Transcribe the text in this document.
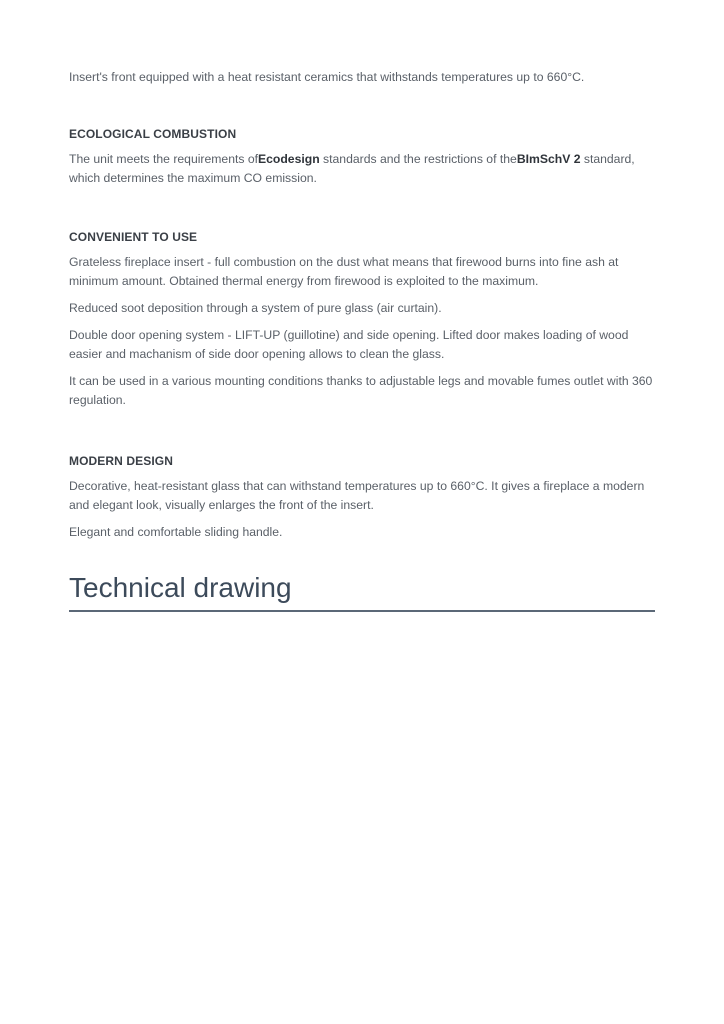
Insert's front equipped with a heat resistant ceramics that withstands temperatures up to 660°C.

ECOLOGICAL COMBUSTION

The unit meets the requirements ofEcodesign standards and the restrictions of theBImSchV 2 standard, which determines the maximum CO emission.

CONVENIENT TO USE

Grateless fireplace insert - full combustion on the dust what means that firewood burns into fine ash at minimum amount. Obtained thermal energy from firewood is exploited to the maximum.

Reduced soot deposition through a system of pure glass (air curtain).

Double door opening system - LIFT-UP (guillotine) and side opening. Lifted door makes loading of wood easier and machanism of side door opening allows to clean the glass.

It can be used in a various mounting conditions thanks to adjustable legs and movable fumes outlet with 360 regulation.

MODERN DESIGN

Decorative, heat-resistant glass that can withstand temperatures up to 660°C. It gives a fireplace a modern and elegant look, visually enlarges the front of the insert.

Elegant and comfortable sliding handle.

Technical drawing
